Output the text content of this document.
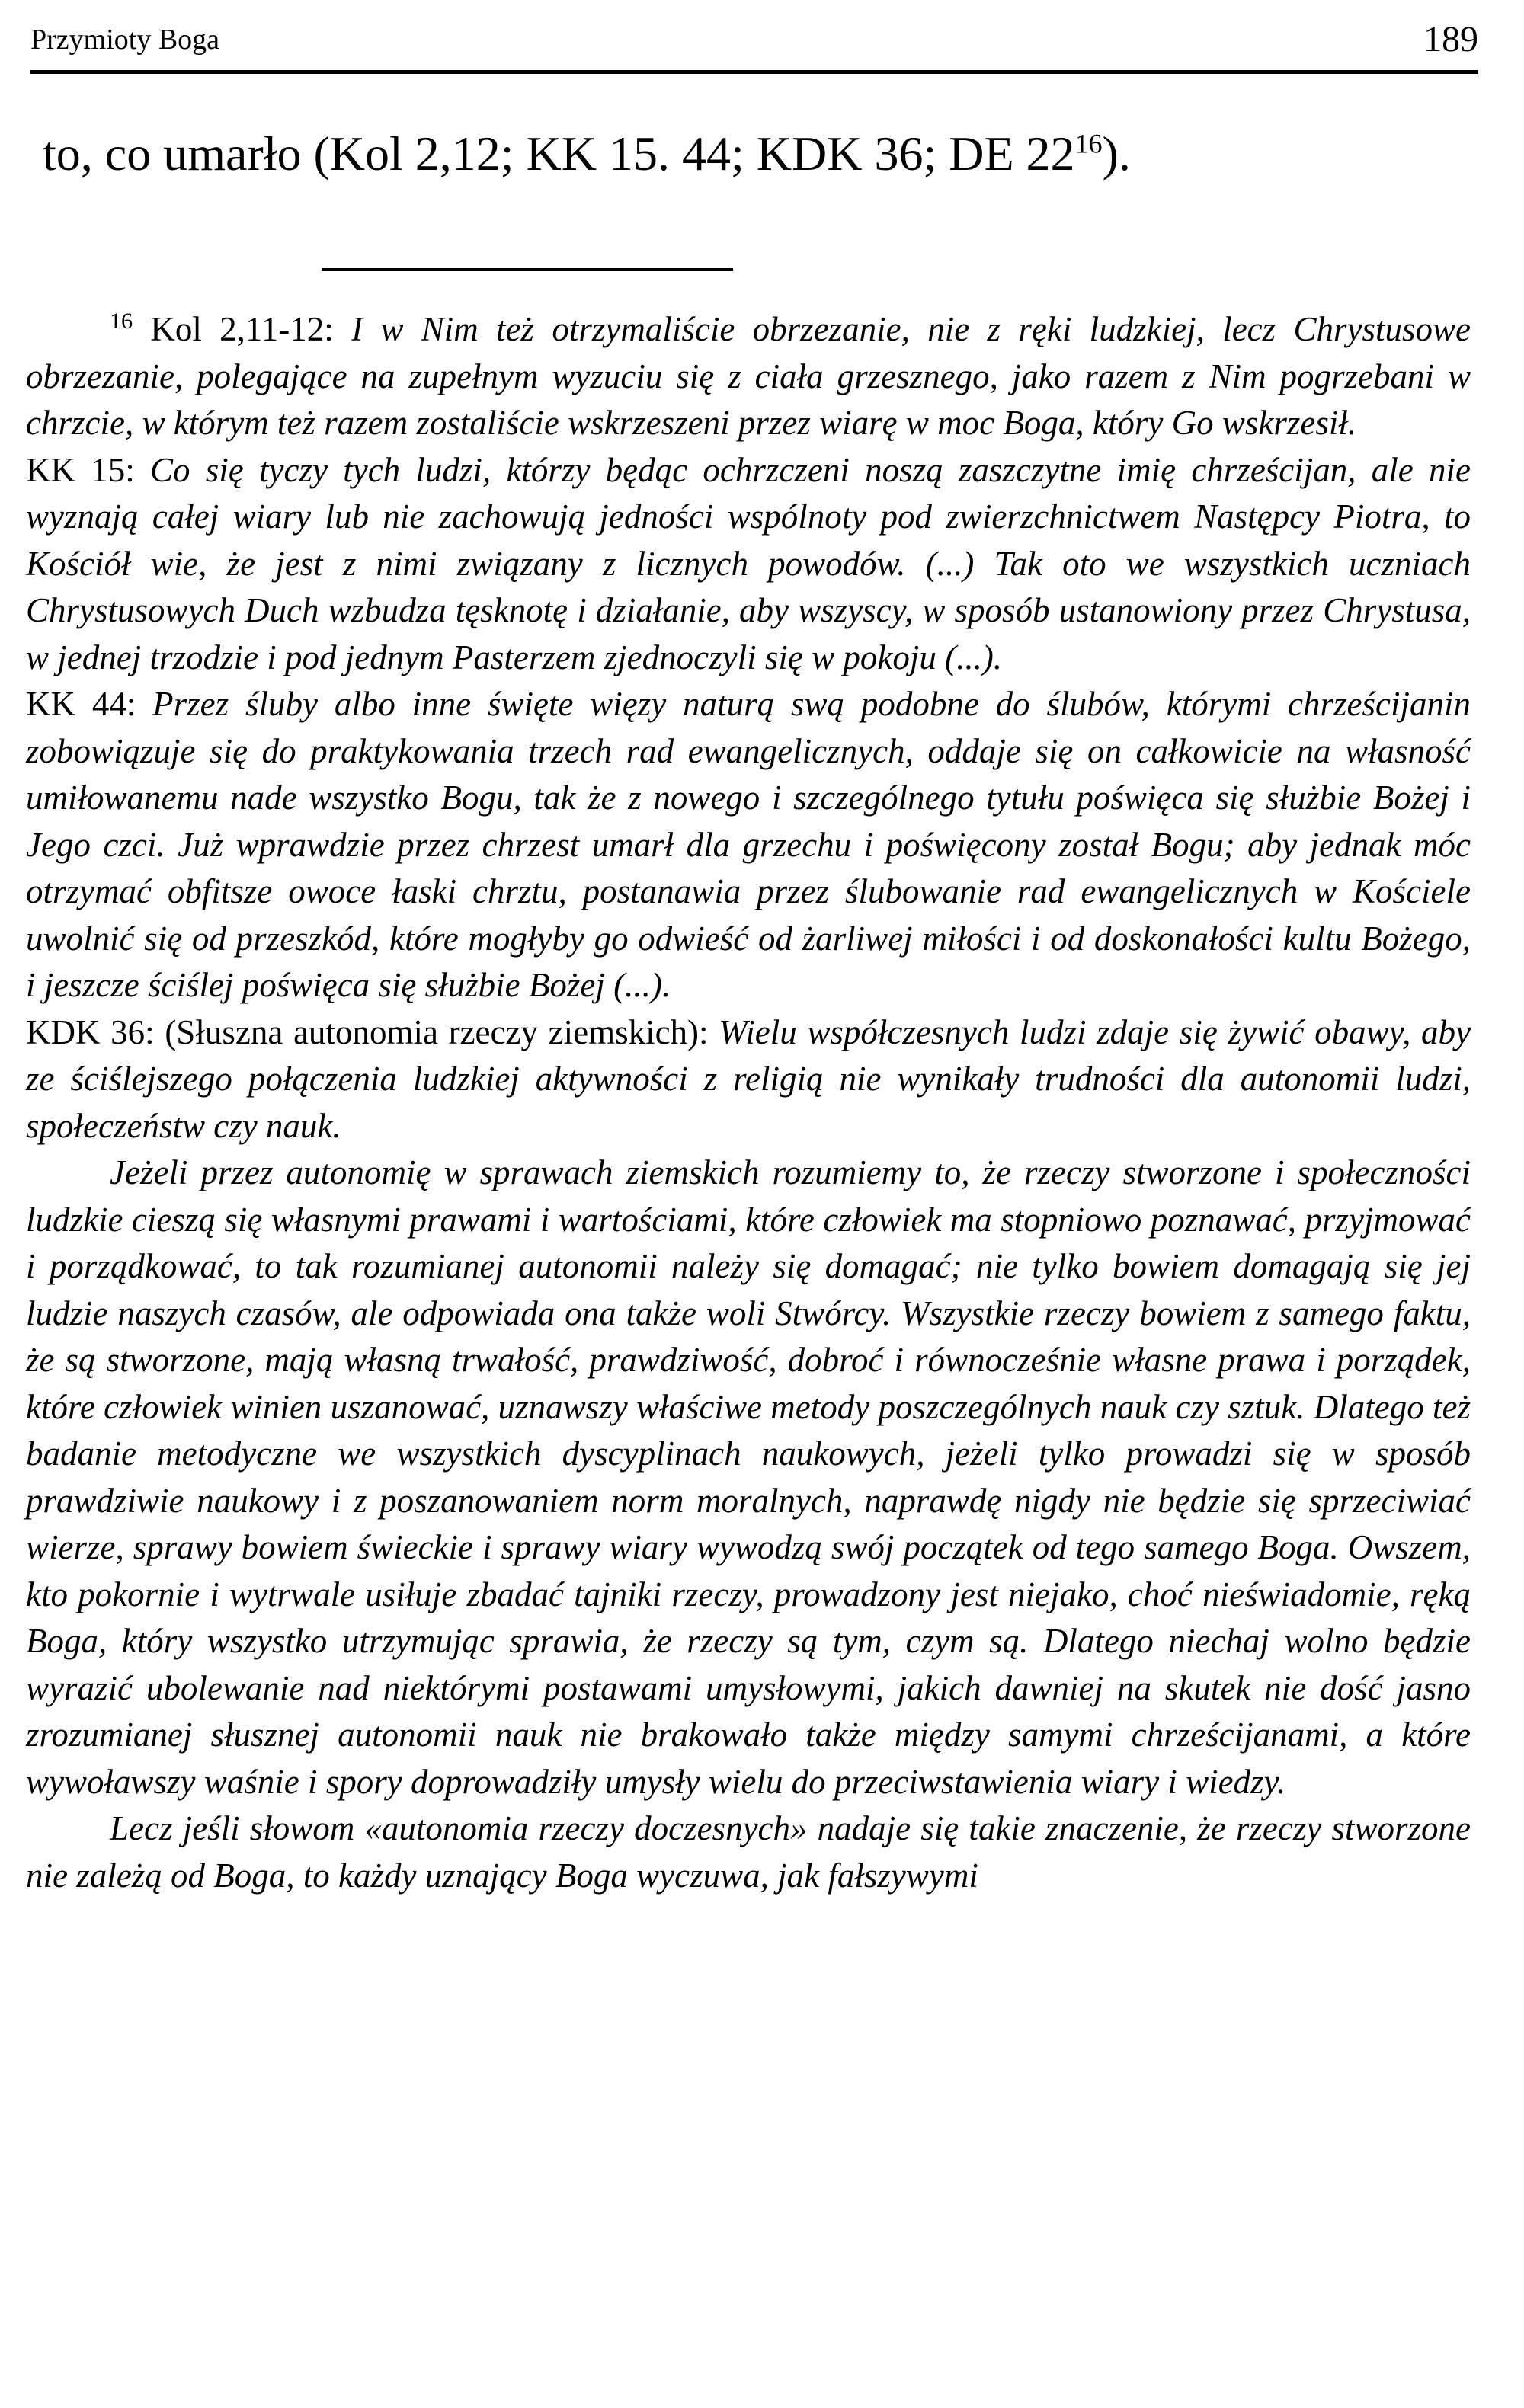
Przymioty Boga	189
to, co umarło (Kol 2,12; KK 15. 44; KDK 36; DE $22^{16}$).

$^{16}$ Kol 2,11-12: I w Nim też otrzymaliście obrzezanie, nie z ręki ludzkiej, lecz Chrystusowe obrzezanie, polegające na zupełnym wyzuciu się z ciała grzesznego, jako razem z Nim pogrzebani w chrzcie, w którym też razem zostaliście wskrzeszeni przez wiarę w moc Boga, który Go wskrzesił.

KK 15: Co się tyczy tych ludzi, którzy będąc ochrzczeni noszą zaszczytne imię chrześcijan, ale nie wyznają całej wiary lub nie zachowują jedności wspólnoty pod zwierzchnictwem Następcy Piotra, to Kościół wie, że jest z nimi związany z licznych powodów. (...) Tak oto we wszystkich uczniach Chrystusowych Duch wzbudza tęsknotę i działanie, aby wszyscy, w sposób ustanowiony przez Chrystusa, w jednej trzodzie i pod jednym Pasterzem zjednoczyli się w pokoju (...).

KK 44: Przez śluby albo inne święte więzy naturą swą podobne do ślubów, którymi chrześcijanin zobowiązuje się do praktykowania trzech rad ewangelicznych, oddaje się on całkowicie na własność umiłowanemu nade wszystko Bogu, tak że z nowego i szczególnego tytułu poświęca się służbie Bożej i Jego czci. Już wprawdzie przez chrzest umarł dla grzechu i poświęcony został Bogu; aby jednak móc otrzymać obfitsze owoce łaski chrztu, postanawia przez ślubowanie rad ewangelicznych w Kościele uwolnić się od przeszkód, które mogłyby go odwieść od żarliwej miłości i od doskonałości kultu Bożego, i jeszcze ściślej poświęca się służbie Bożej (...).

KDK 36: (Słuszna autonomia rzeczy ziemskich): Wielu współczesnych ludzi zdaje się żywić obawy, aby ze ściślejszego połączenia ludzkiej aktywności z religią nie wynikały trudności dla autonomii ludzi, społeczeństw czy nauk.

Jeżeli przez autonomię w sprawach ziemskich rozumiemy to, że rzeczy stworzone i społeczności ludzkie cieszą się własnymi prawami i wartościami, które człowiek ma stopniowo poznawać, przyjmować i porządkować, to tak rozumianej autonomii należy się domagać; nie tylko bowiem domagają się jej ludzie naszych czasów, ale odpowiada ona także woli Stwórcy. Wszystkie rzeczy bowiem z samego faktu, że są stworzone, mają własną trwałość, prawdziwość, dobroć i równocześnie własne prawa i porządek, które człowiek winien uszanować, uznawszy właściwe metody poszczególnych nauk czy sztuk. Dlatego też badanie metodyczne we wszystkich dyscyplinach naukowych, jeżeli tylko prowadzi się w sposób prawdziwie naukowy i z poszanowaniem norm moralnych, naprawdę nigdy nie będzie się sprzeciwiać wierze, sprawy bowiem świeckie i sprawy wiary wywodzą swój początek od tego samego Boga. Owszem, kto pokornie i wytrwale usiłuje zbadać tajniki rzeczy, prowadzony jest niejako, choć nieświadomie, ręką Boga, który wszystko utrzymując sprawia, że rzeczy są tym, czym są. Dlatego niechaj wolno będzie wyrazić ubolewanie nad niektórymi postawami umysłowymi, jakich dawniej na skutek nie dość jasno zrozumianej słusznej autonomii nauk nie brakowało także między samymi chrześcijanami, a które wywoławszy waśnie i spory doprowadziły umysły wielu do przeciwstawienia wiary i wiedzy.

Lecz jeśli słowom «autonomia rzeczy doczesnych» nadaje się takie znaczenie, że rzeczy stworzone nie zależą od Boga, to każdy uznający Boga wyczuwa, jak fałszywymi
